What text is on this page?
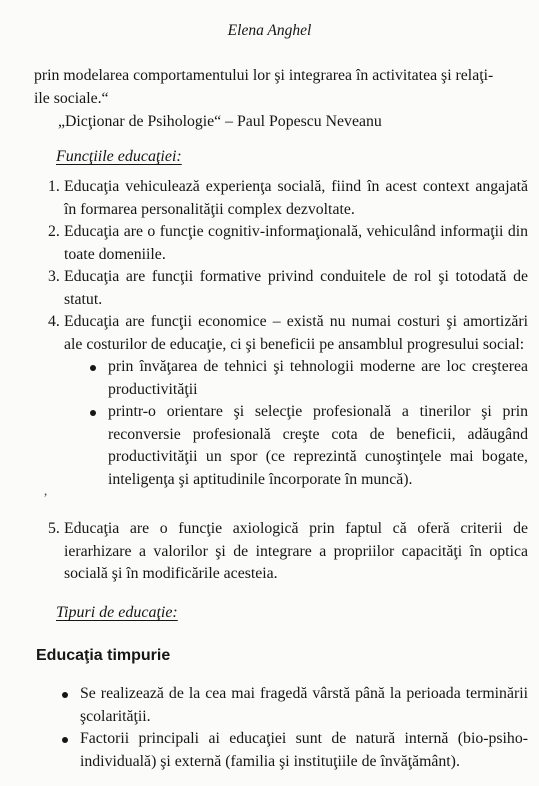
Elena Anghel
prin modelarea comportamentului lor şi integrarea în activitatea şi relaţi-
ile sociale.“
„Dicţionar de Psihologie“ – Paul Popescu Neveanu
Funcţiile educaţiei:
1. Educaţia vehiculează experienţa socială, fiind în acest context angajată în formarea personalităţii complex dezvoltate.
2. Educaţia are o funcţie cognitiv-informaţională, vehiculând informaţii din toate domeniile.
3. Educaţia are funcţii formative privind conduitele de rol şi totodată de statut.
4. Educaţia are funcţii economice – există nu numai costuri şi amortizări ale costurilor de educaţie, ci şi beneficii pe ansamblul progresului social:
prin învăţarea de tehnici şi tehnologii moderne are loc creşterea productivităţii
printr-o orientare şi selecţie profesională a tinerilor şi prin reconversie profesională creşte cota de beneficii, adăugând productivităţii un spor (ce reprezintă cunoştinţele mai bogate, inteligenţa şi aptitudinile încorporate în muncă).
,
5. Educaţia are o funcţie axiologică prin faptul că oferă criterii de ierarhizare a valorilor şi de integrare a propriilor capacităţi în optica socială şi în modificările acesteia.
Tipuri de educaţie:
Educaţia timpurie
Se realizează de la cea mai fragedă vârstă până la perioada terminării şcolarităţii.
Factorii principali ai educaţiei sunt de natură internă (bio-psiho-individuală) şi externă (familia şi instituţiile de învăţământ).
